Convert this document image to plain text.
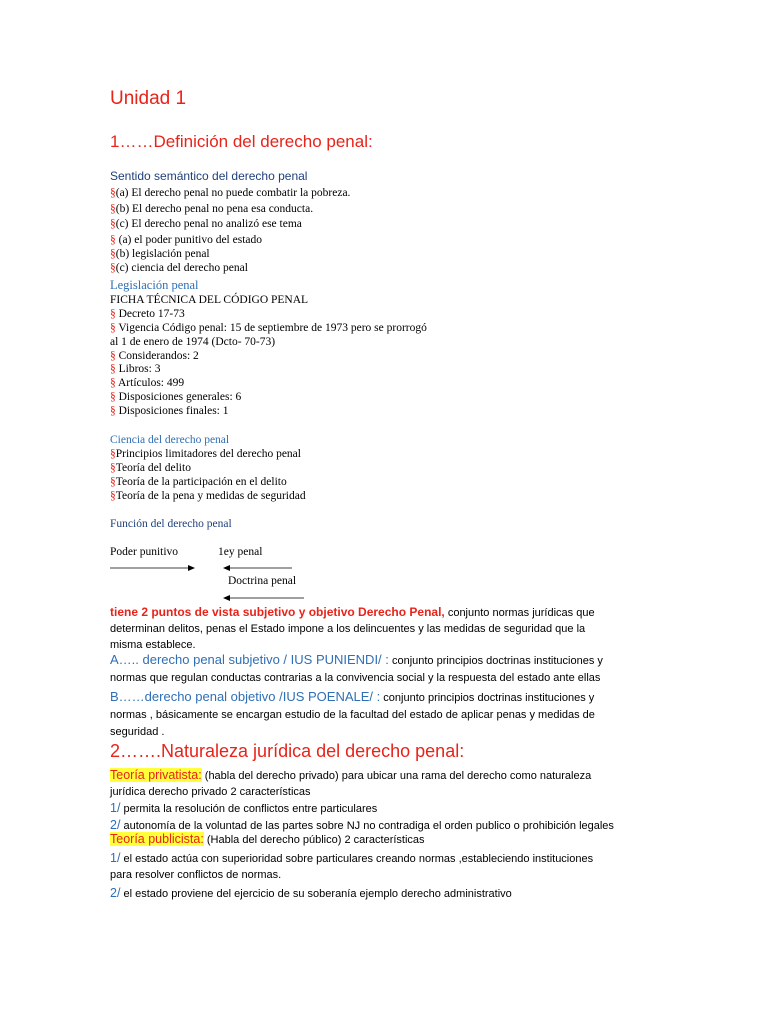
Unidad 1
1……Definición del derecho penal:
Sentido semántico del derecho penal
§(a) El derecho penal no puede combatir la pobreza.
§(b) El derecho penal no pena esa conducta.
§(c) El derecho penal no analizó ese tema
§ (a) el poder punitivo del estado
§(b) legislación penal
§(c) ciencia del derecho penal
Legislación penal
FICHA TÉCNICA DEL CÓDIGO PENAL
§ Decreto 17-73
§ Vigencia Código penal: 15 de septiembre de 1973 pero se prorrogó
al 1 de enero de 1974 (Dcto- 70-73)
§ Considerandos: 2
§ Libros: 3
§ Artículos: 499
§ Disposiciones generales: 6
§ Disposiciones finales: 1
Ciencia del derecho penal
§Principios limitadores del derecho penal
§Teoría del delito
§Teoría de la participación en el delito
§Teoría de la pena y medidas de seguridad
Función del derecho penal
Poder punitivo	1ey penal
Doctrina penal
tiene 2 puntos de vista subjetivo y objetivo Derecho Penal, conjunto normas jurídicas que
determinan delitos, penas el Estado impone a los delincuentes y las medidas de seguridad que la
misma establece.
A….. derecho penal subjetivo / IUS PUNIENDI/ : conjunto principios doctrinas instituciones y
normas que regulan conductas contrarias a la convivencia social y la respuesta del estado ante ellas
B……derecho penal objetivo /IUS POENALE/ : conjunto principios doctrinas instituciones y
normas , básicamente se encargan estudio de la facultad del estado de aplicar penas y medidas de
seguridad .
2…….Naturaleza jurídica del derecho penal:
Teoría privatista: (habla del derecho privado) para ubicar una rama del derecho como naturaleza
jurídica derecho privado 2 características
1/ permita la resolución de conflictos entre particulares
2/ autonomía de la voluntad de las partes sobre NJ no contradiga el orden publico o prohibición legales
Teoría publicista: (Habla del derecho público) 2 características
1/ el estado actúa con superioridad sobre particulares creando normas ,estableciendo instituciones
para resolver conflictos de normas.
2/ el estado proviene del ejercicio de su soberanía ejemplo derecho administrativo
